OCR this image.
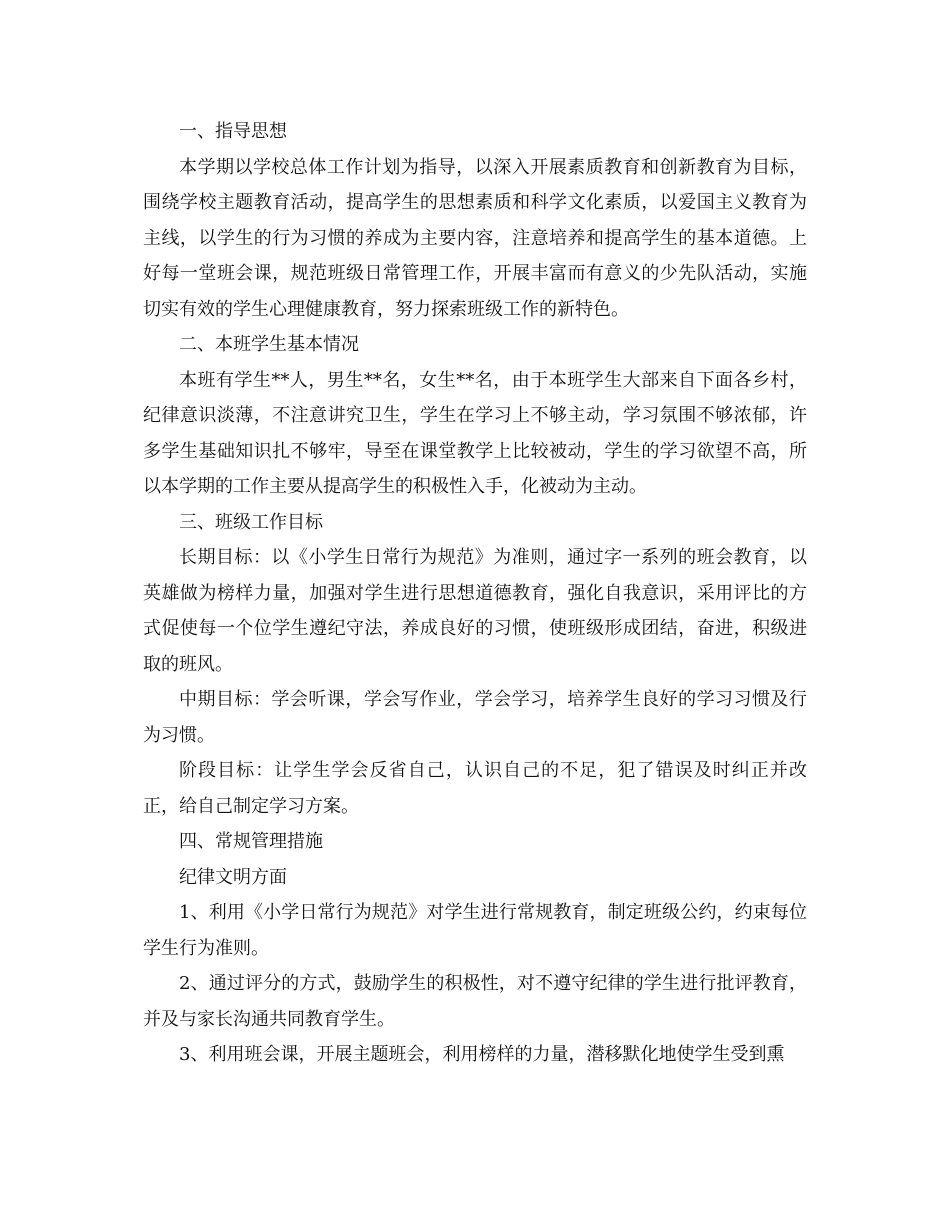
一、指导思想

本学期以学校总体工作计划为指导，以深入开展素质教育和创新教育为目标，围绕学校主题教育活动，提高学生的思想素质和科学文化素质，以爱国主义教育为主线，以学生的行为习惯的养成为主要内容，注意培养和提高学生的基本道德。上好每一堂班会课，规范班级日常管理工作，开展丰富而有意义的少先队活动，实施切实有效的学生心理健康教育，努力探索班级工作的新特色。

二、本班学生基本情况

本班有学生**人，男生**名，女生**名，由于本班学生大部来自下面各乡村，纪律意识淡薄，不注意讲究卫生，学生在学习上不够主动，学习氛围不够浓郁，许多学生基础知识扎不够牢，导至在课堂教学上比较被动，学生的学习欲望不高，所以本学期的工作主要从提高学生的积极性入手，化被动为主动。

三、班级工作目标

长期目标：以《小学生日常行为规范》为准则，通过字一系列的班会教育，以英雄做为榜样力量，加强对学生进行思想道德教育，强化自我意识，采用评比的方式促使每一个位学生遵纪守法，养成良好的习惯，使班级形成团结，奋进，积级进取的班风。

中期目标：学会听课，学会写作业，学会学习，培养学生良好的学习习惯及行为习惯。

阶段目标：让学生学会反省自己，认识自己的不足，犯了错误及时纠正并改正，给自己制定学习方案。

四、常规管理措施

纪律文明方面

1、利用《小学日常行为规范》对学生进行常规教育，制定班级公约，约束每位学生行为准则。

2、通过评分的方式，鼓励学生的积极性，对不遵守纪律的学生进行批评教育，并及与家长沟通共同教育学生。

3、利用班会课，开展主题班会，利用榜样的力量，潜移默化地使学生受到熏
